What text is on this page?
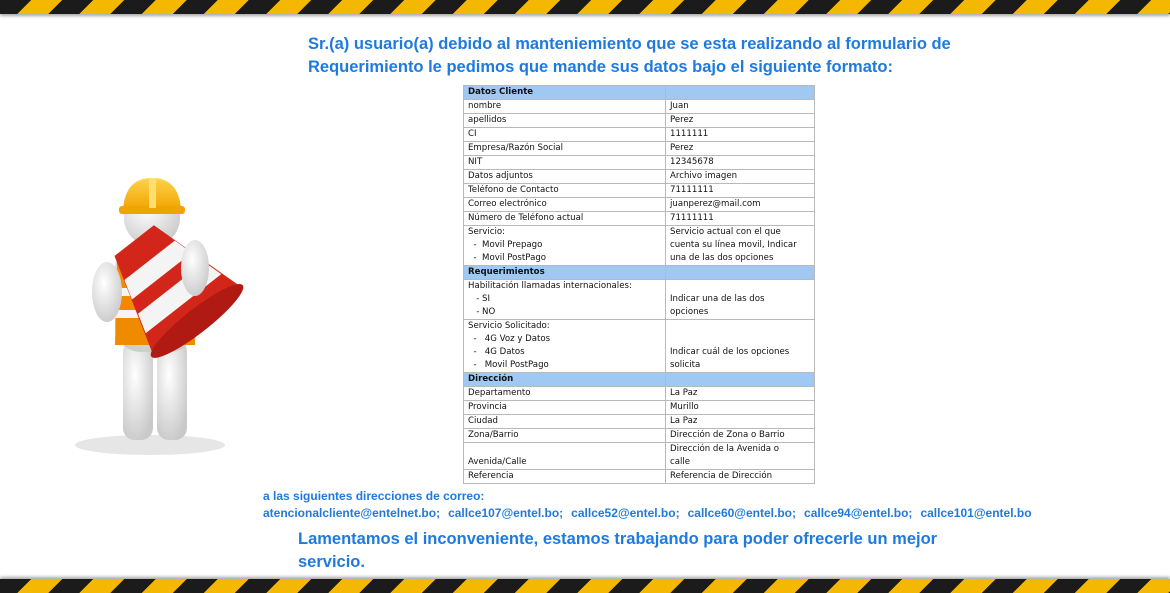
Sr.(a) usuario(a) debido al manteniemiento que se esta realizando al formulario de Requerimiento le pedimos que mande sus datos bajo el siguiente formato:
Datos Cliente	
nombre	Juan
apellidos	Perez
CI	1111111
Empresa/Razón Social	Perez
NIT	12345678
Datos adjuntos	Archivo imagen
Teléfono de Contacto	71111111
Correo electrónico	juanperez@mail.com
Número de Teléfono actual	71111111

Servicio:
-  Movil Prepago
-  Movil PostPago	Servicio actual con el que
cuenta su línea movil, Indicar
una de las dos opciones

Requerimientos	

Habilitación llamadas internacionales:
- SI
- NO	Indicar una de las dos
opciones

Servicio Solicitado:
-   4G Voz y Datos
-   4G Datos
-   Movil PostPago	Indicar cuál de los opciones
solicita

Dirección	
Departamento	La Paz
Provincia	Murillo
Ciudad	La Paz
Zona/Barrio	Dirección de Zona o Barrio

Avenida/Calle	Dirección de la Avenida o
calle

Referencia	Referencia de Dirección
a las siguientes direcciones de correo:
atencionalcliente@entelnet.bo; callce107@entel.bo; callce52@entel.bo; callce60@entel.bo; callce94@entel.bo; callce101@entel.bo
Lamentamos el inconveniente, estamos trabajando para poder ofrecerle un mejor servicio.
